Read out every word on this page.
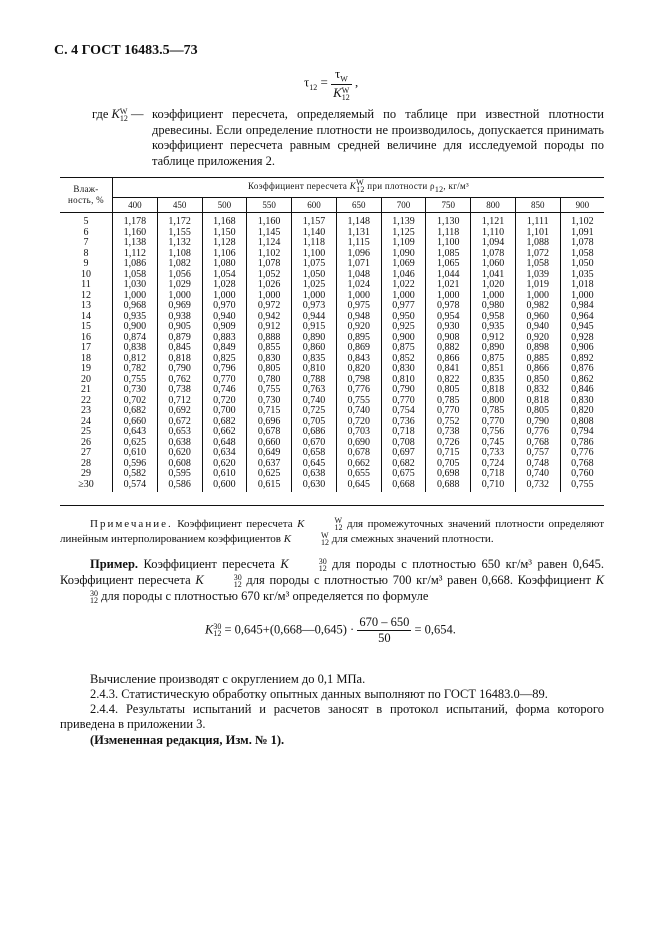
С. 4 ГОСТ 16483.5—73
$\tau_{12} = \tau_W$
K W
12 ,
где K W
12 — коэффициент пересчета, определяемый по таблице при известной плотности древесины. Если определение плотности не производилось, допускается принимать коэффициент пересчета равным средней величине для исследуемой породы по таблице приложения 2.
Влаж-
ность, %	Коэффициент пересчета K W
12 при плотности $\rho_{12}$, кг/м³										
	400	450	500	550	600	650	700	750	800	850	900
5	1,178	1,172	1,168	1,160	1,157	1,148	1,139	1,130	1,121	1,111	1,102
6	1,160	1,155	1,150	1,145	1,140	1,131	1,125	1,118	1,110	1,101	1,091
7	1,138	1,132	1,128	1,124	1,118	1,115	1,109	1,100	1,094	1,088	1,078
8	1,112	1,108	1,106	1,102	1,100	1,096	1,090	1,085	1,078	1,072	1,058
9	1,086	1,082	1,080	1,078	1,075	1,071	1,069	1,065	1,060	1,058	1,050
10	1,058	1,056	1,054	1,052	1,050	1,048	1,046	1,044	1,041	1,039	1,035
11	1,030	1,029	1,028	1,026	1,025	1,024	1,022	1,021	1,020	1,019	1,018
12	1,000	1,000	1,000	1,000	1,000	1,000	1,000	1,000	1,000	1,000	1,000
13	0,968	0,969	0,970	0,972	0,973	0,975	0,977	0,978	0,980	0,982	0,984
14	0,935	0,938	0,940	0,942	0,944	0,948	0,950	0,954	0,958	0,960	0,964
15	0,900	0,905	0,909	0,912	0,915	0,920	0,925	0,930	0,935	0,940	0,945
16	0,874	0,879	0,883	0,888	0,890	0,895	0,900	0,908	0,912	0,920	0,928
17	0,838	0,845	0,849	0,855	0,860	0,869	0,875	0,882	0,890	0,898	0,906
18	0,812	0,818	0,825	0,830	0,835	0,843	0,852	0,866	0,875	0,885	0,892
19	0,782	0,790	0,796	0,805	0,810	0,820	0,830	0,841	0,851	0,866	0,876
20	0,755	0,762	0,770	0,780	0,788	0,798	0,810	0,822	0,835	0,850	0,862
21	0,730	0,738	0,746	0,755	0,763	0,776	0,790	0,805	0,818	0,832	0,846
22	0,702	0,712	0,720	0,730	0,740	0,755	0,770	0,785	0,800	0,818	0,830
23	0,682	0,692	0,700	0,715	0,725	0,740	0,754	0,770	0,785	0,805	0,820
24	0,660	0,672	0,682	0,696	0,705	0,720	0,736	0,752	0,770	0,790	0,808
25	0,643	0,653	0,662	0,678	0,686	0,703	0,718	0,738	0,756	0,776	0,794
26	0,625	0,638	0,648	0,660	0,670	0,690	0,708	0,726	0,745	0,768	0,786
27	0,610	0,620	0,634	0,649	0,658	0,678	0,697	0,715	0,733	0,757	0,776
28	0,596	0,608	0,620	0,637	0,645	0,662	0,682	0,705	0,724	0,748	0,768
29	0,582	0,595	0,610	0,625	0,638	0,655	0,675	0,698	0,718	0,740	0,760
≥30	0,574	0,586	0,600	0,615	0,630	0,645	0,668	0,688	0,710	0,732	0,755
Примечание. Коэффициент пересчета K	W
12 для промежуточных значений плотности определяют линейным интерполированием коэффициентов K	W
12 для смежных значений плотности.
Пример. Коэффициент пересчета K	30
12 для породы с плотностью 650 кг/м³ равен 0,645. Коэффициент пересчета K	30
12 для породы с плотностью 700 кг/м³ равен 0,668. Коэффициент K
30
12 для породы с плотностью 670 кг/м³ определяется по формуле
K 30
12 = 0,645+(0,668—0,645) · $\frac{670 - 650}{50} = 0,654$.
Вычисление производят с округлением до 0,1 МПа.
2.4.3. Статистическую обработку опытных данных выполняют по ГОСТ 16483.0—89.
2.4.4. Результаты испытаний и расчетов заносят в протокол испытаний, форма которого приведена в приложении 3.
(Измененная редакция, Изм. № 1).
